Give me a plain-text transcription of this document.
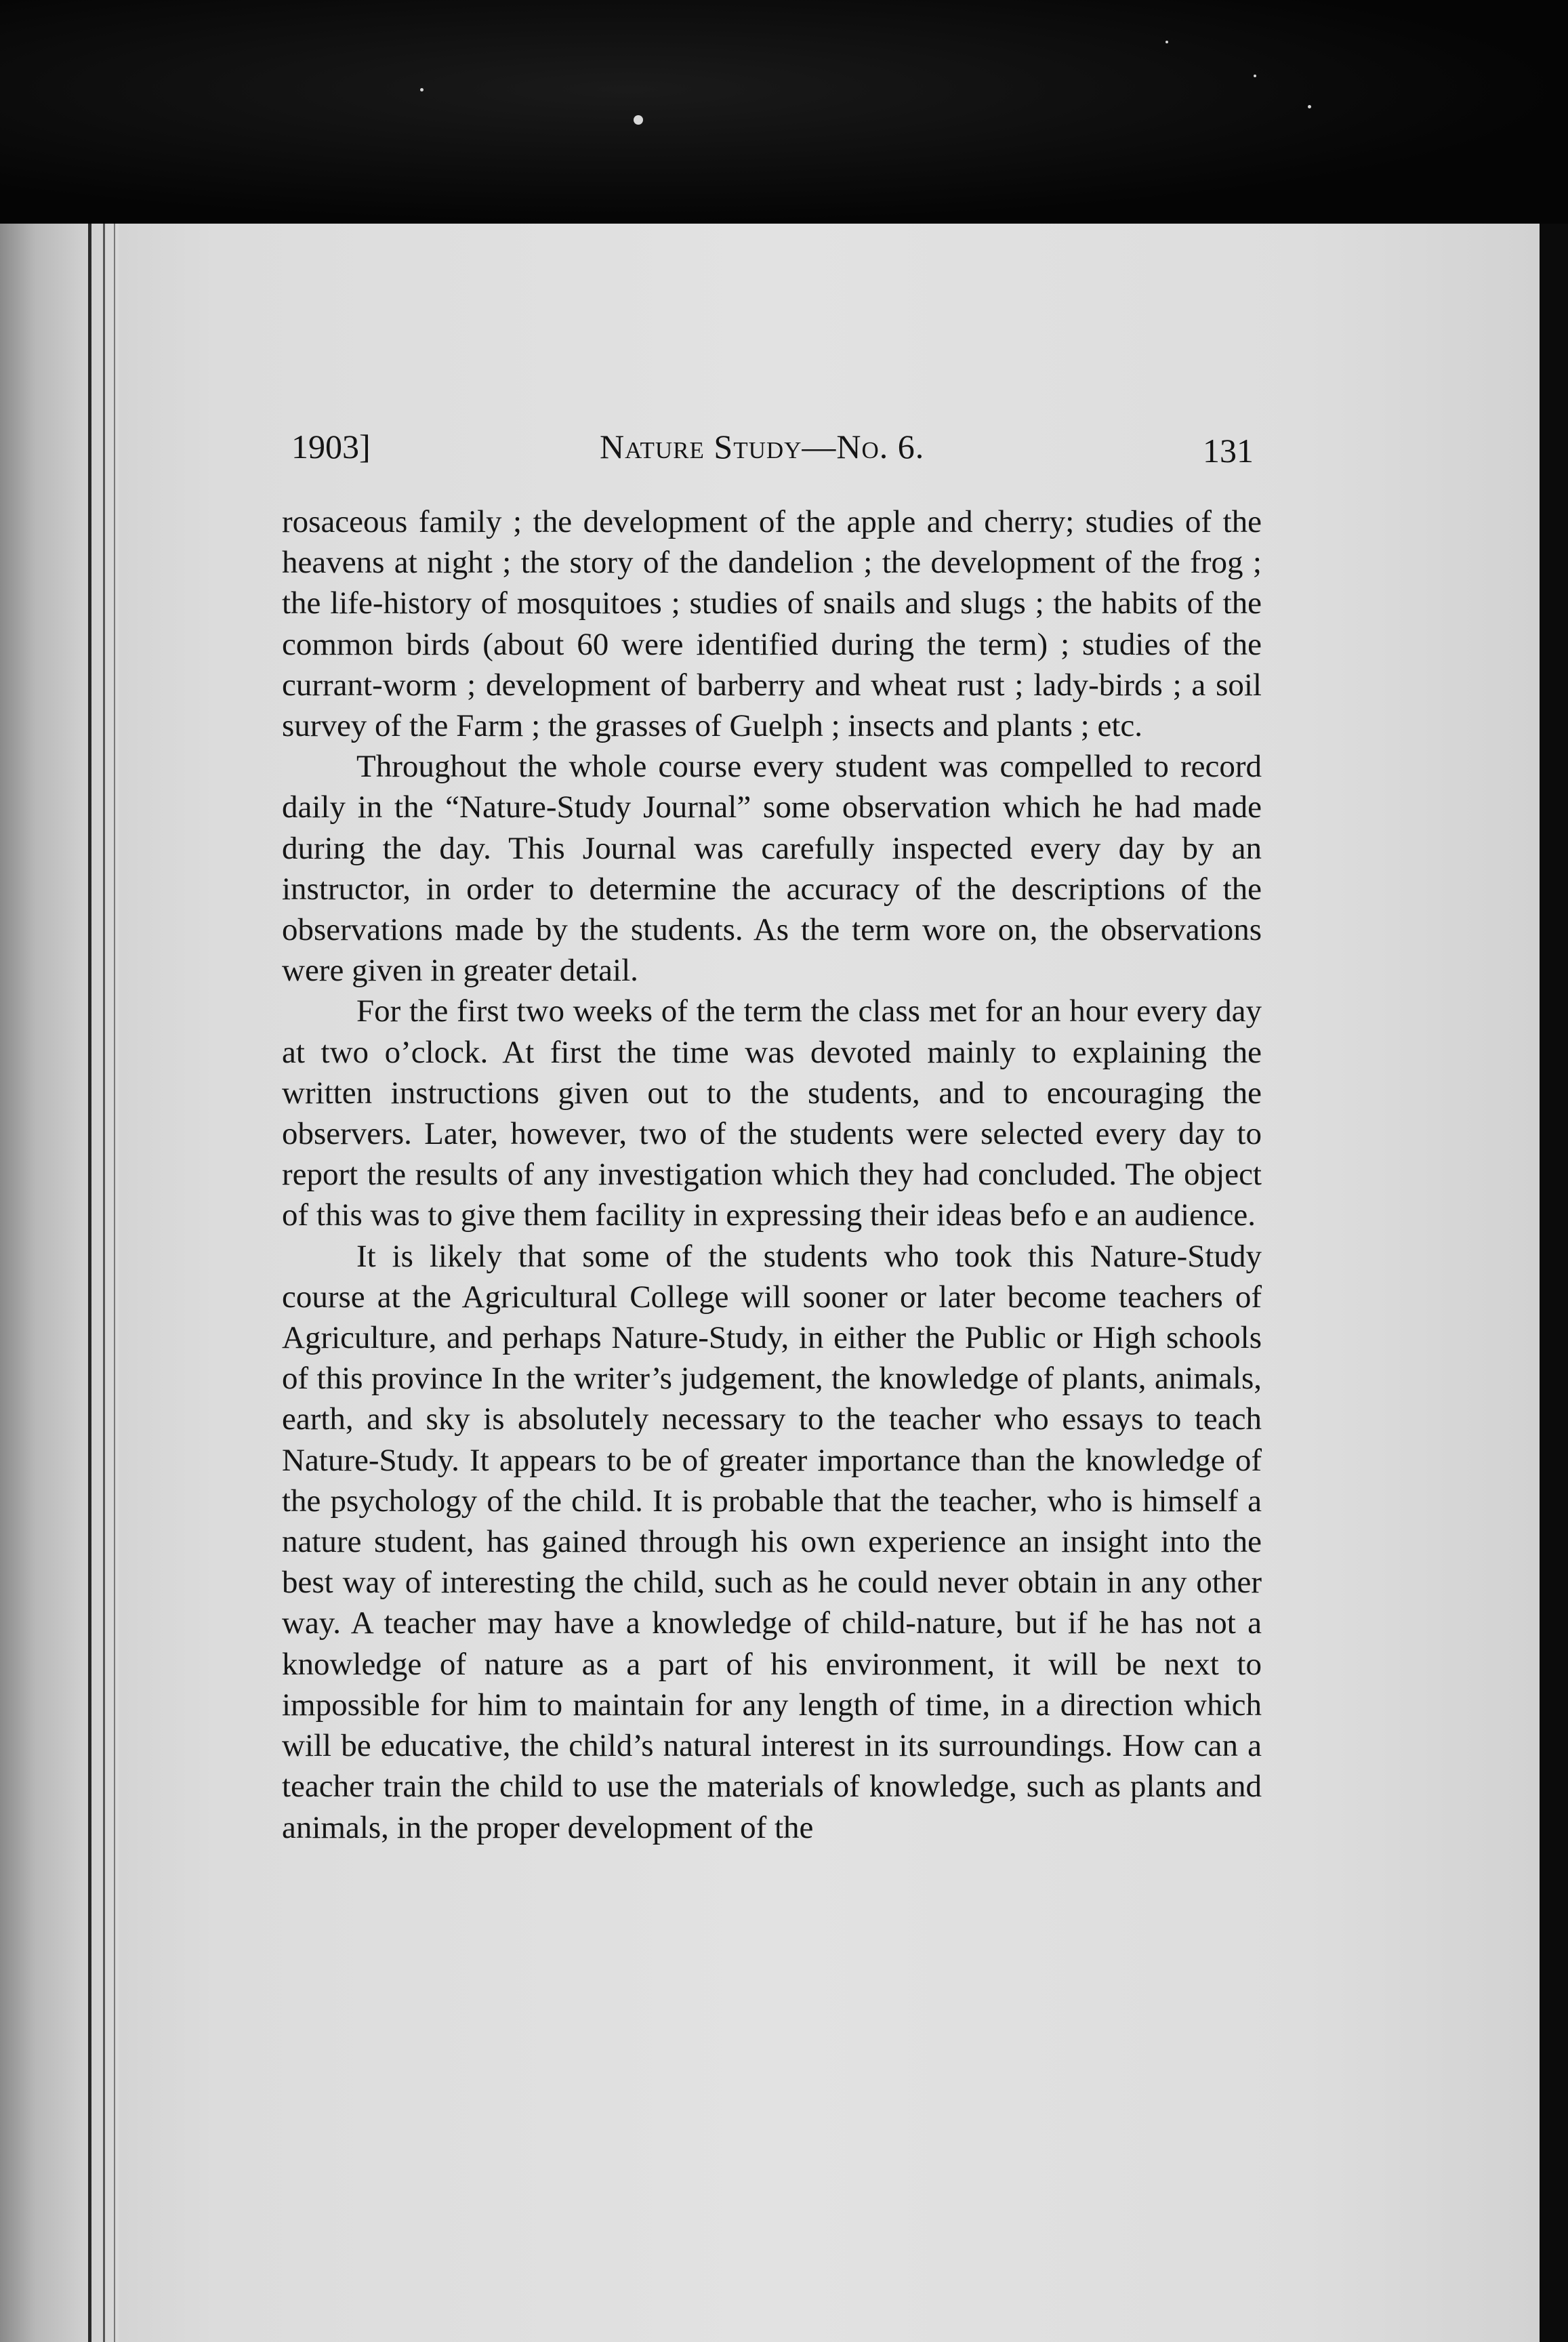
1903]	Nature Study—No. 6.	131

rosaceous family ; the development of the apple and cherry; studies of the heavens at night ; the story of the dandelion ; the development of the frog ; the life-history of mosquitoes ; studies of snails and slugs ; the habits of the common birds (about 60 were identified during the term) ; studies of the currant-worm ; development of barberry and wheat rust ; lady-birds ; a soil survey of the Farm ; the grasses of Guelph ; insects and plants ; etc.

Throughout the whole course every student was compelled to record daily in the “Nature-Study Journal” some observation which he had made during the day. This Journal was carefully inspected every day by an instructor, in order to determine the accuracy of the descriptions of the observations made by the students. As the term wore on, the observations were given in greater detail.

For the first two weeks of the term the class met for an hour every day at two o’clock. At first the time was devoted mainly to explaining the written instructions given out to the students, and to encouraging the observers. Later, however, two of the students were selected every day to report the results of any investigation which they had concluded. The object of this was to give them facility in expressing their ideas befo e an audience.

It is likely that some of the students who took this Nature-Study course at the Agricultural College will sooner or later become teachers of Agriculture, and perhaps Nature-Study, in either the Public or High schools of this province In the writer’s judgement, the knowledge of plants, animals, earth, and sky is absolutely necessary to the teacher who essays to teach Nature-Study. It appears to be of greater importance than the knowledge of the psychology of the child. It is probable that the teacher, who is himself a nature student, has gained through his own experience an insight into the best way of interesting the child, such as he could never obtain in any other way. A teacher may have a knowledge of child-nature, but if he has not a knowledge of nature as a part of his environment, it will be next to impossible for him to maintain for any length of time, in a direction which will be educative, the child’s natural interest in its surroundings. How can a teacher train the child to use the materials of knowledge, such as plants and animals, in the proper development of the
